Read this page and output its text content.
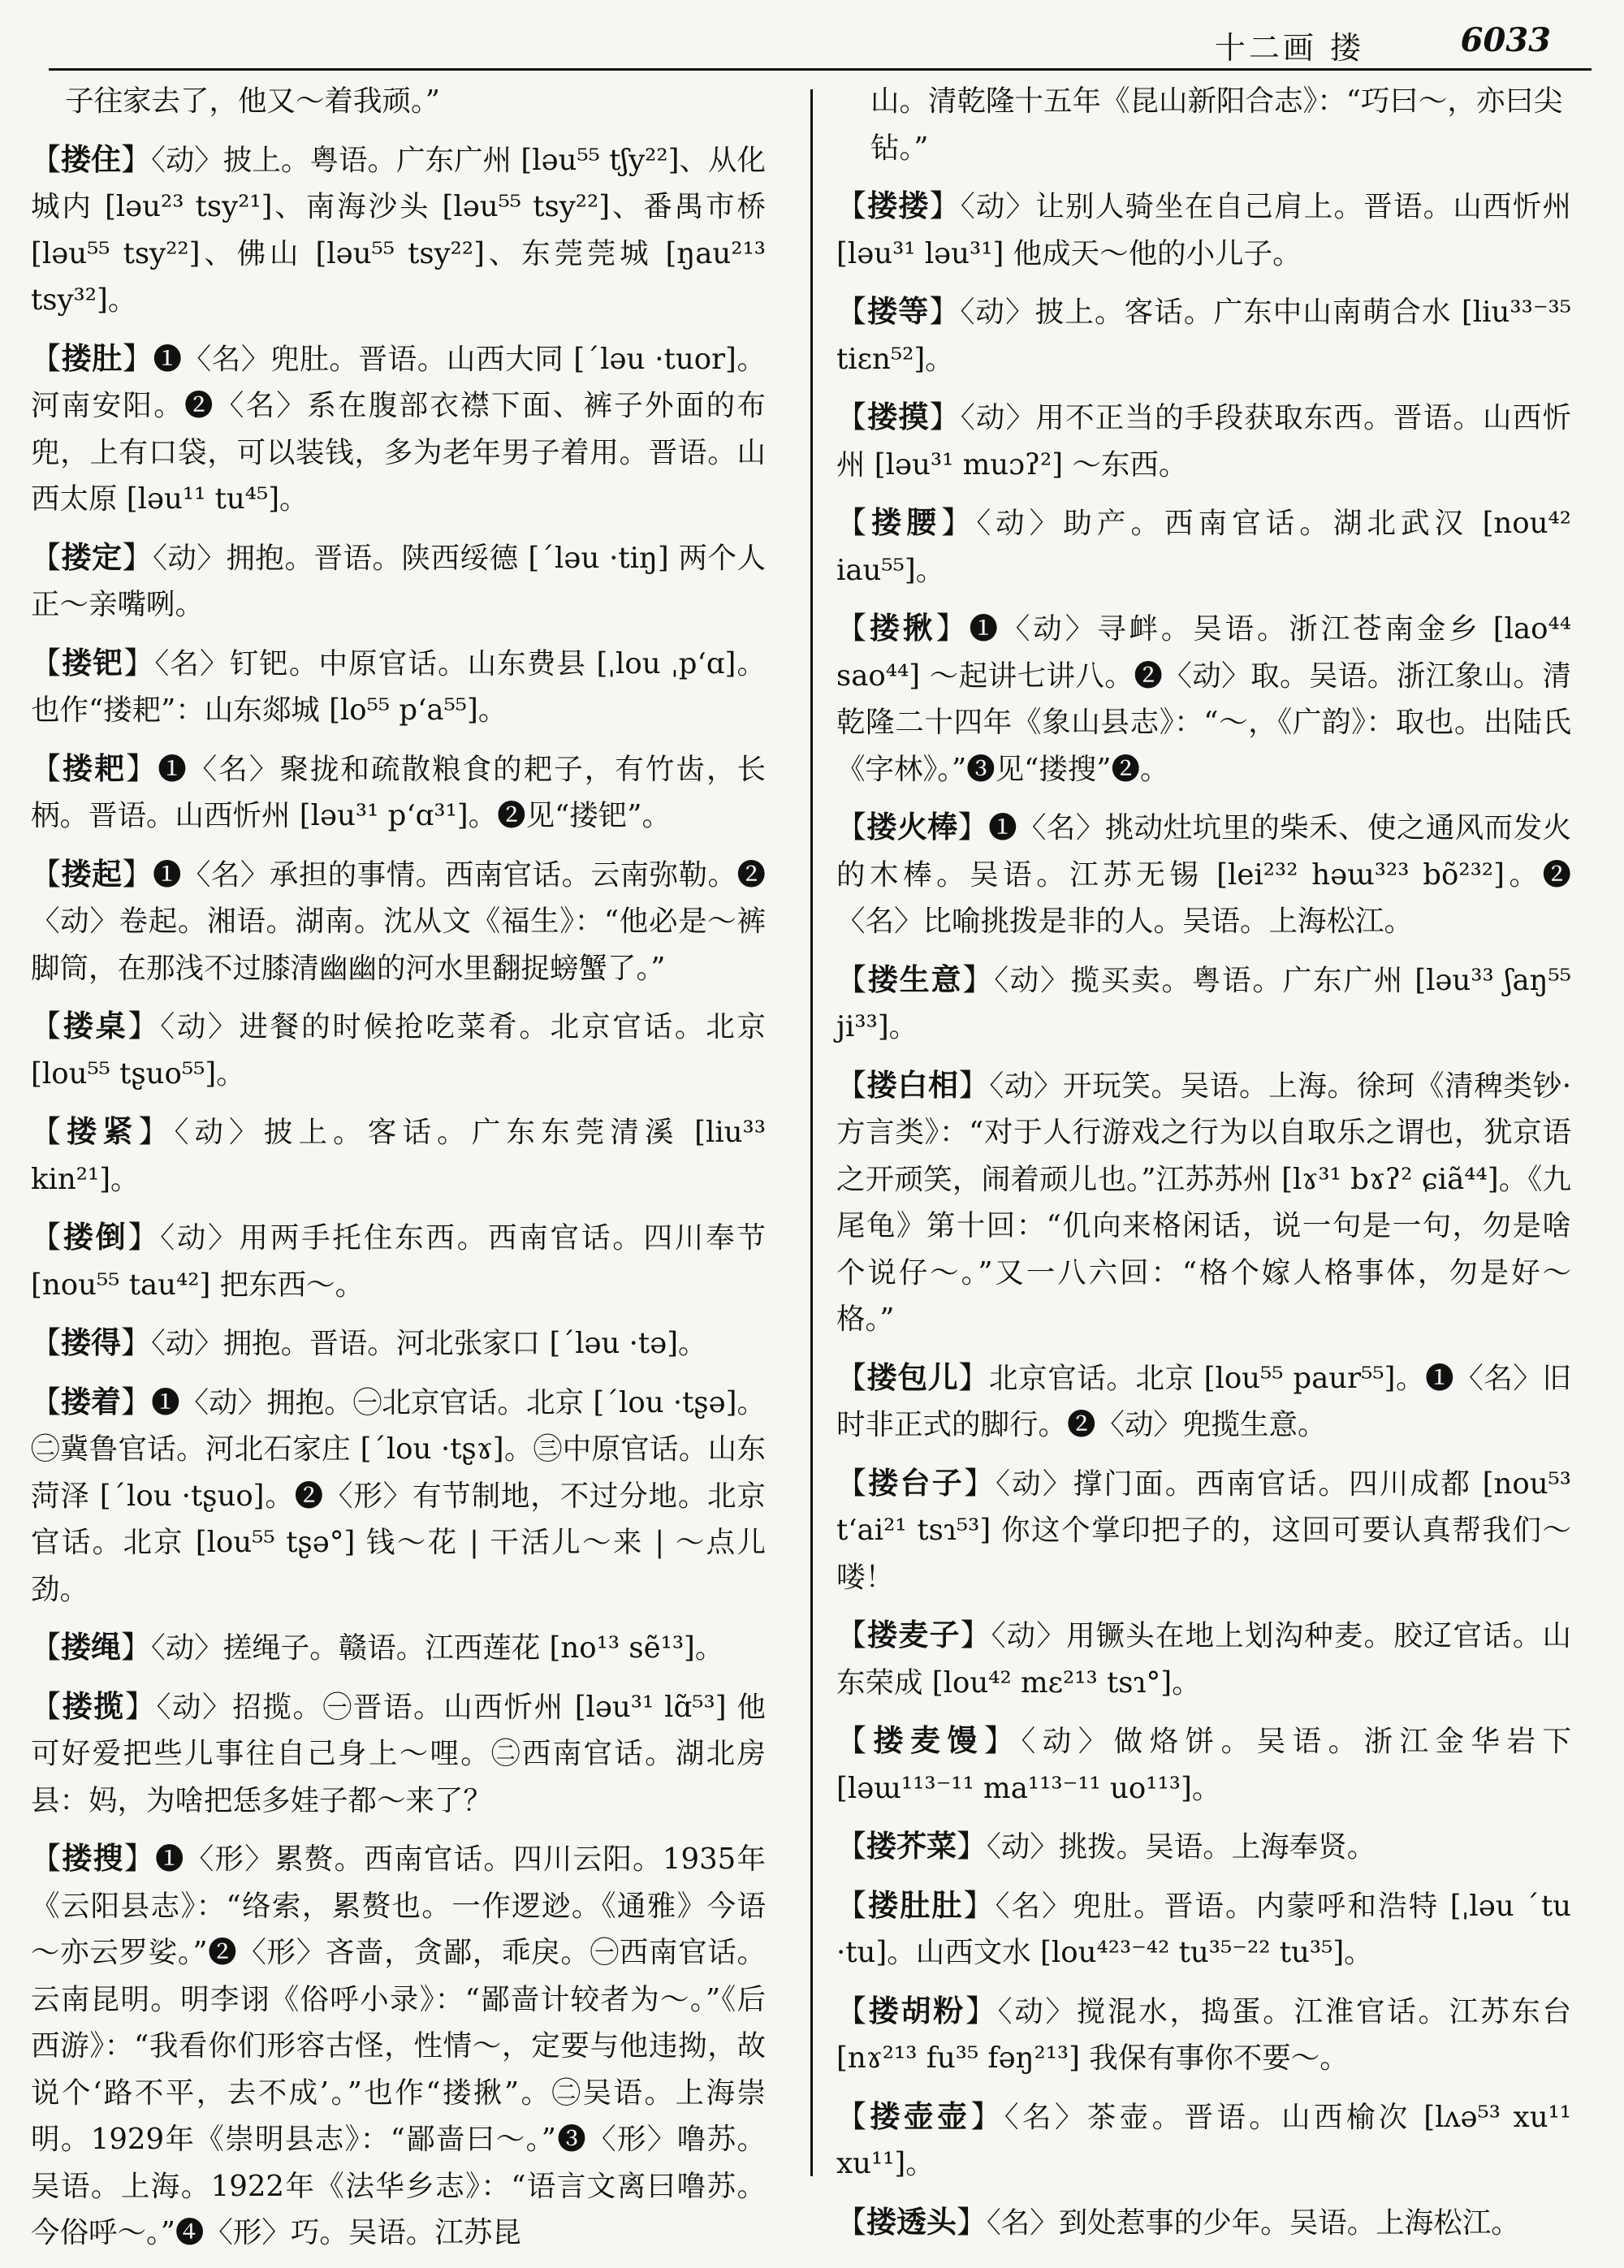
十二画 搂	6033

子往家去了，他又～着我顽。”

【 搂住 】 〈动〉披上。粤语。广东广州 [ləu⁵⁵ tʃy²²]、从化城内 [ləu²³ tsy²¹]、南海沙头 [ləu⁵⁵ tsy²²]、番禺市桥 [ləu⁵⁵ tsy²²]、佛山 [ləu⁵⁵ tsy²²]、东莞莞城 [ŋau²¹³ tsy³²]。

【 搂肚 】 ❶〈名〉兜肚。晋语。山西大同 [ˊləu ·tuor]。河南安阳。❷〈名〉系在腹部衣襟下面、裤子外面的布兜，上有口袋，可以装钱，多为老年男子着用。晋语。山西太原 [ləu¹¹ tu⁴⁵]。

【 搂定 】 〈动〉拥抱。晋语。陕西绥德 [ˊləu ·tiŋ] 两个人正～亲嘴咧。

【 搂钯 】 〈名〉钉钯。中原官话。山东费县 [ˌlou ˌpʻɑ]。也作“搂耙”：山东郯城 [lo⁵⁵ pʻa⁵⁵]。

【 搂耙 】 ❶〈名〉聚拢和疏散粮食的耙子，有竹齿，长柄。晋语。山西忻州 [ləu³¹ pʻɑ³¹]。❷见“搂钯”。

【 搂起 】 ❶〈名〉承担的事情。西南官话。云南弥勒。❷〈动〉卷起。湘语。湖南。沈从文《福生》：“他必是～裤脚筒，在那浅不过膝清幽幽的河水里翻捉螃蟹了。”

【 搂桌 】 〈动〉进餐的时候抢吃菜肴。北京官话。北京 [lou⁵⁵ tʂuo⁵⁵]。

【 搂紧 】 〈动〉披上。客话。广东东莞清溪 [liu³³ kin²¹]。

【 搂倒 】 〈动〉用两手托住东西。西南官话。四川奉节 [nou⁵⁵ tau⁴²] 把东西～。

【 搂得 】 〈动〉拥抱。晋语。河北张家口 [ˊləu ·tə]。

【 搂着 】 ❶〈动〉拥抱。㊀北京官话。北京 [ˊlou ·tʂə]。㊁冀鲁官话。河北石家庄 [ˊlou ·tʂɤ]。㊂中原官话。山东菏泽 [ˊlou ·tʂuo]。❷〈形〉有节制地，不过分地。北京官话。北京 [lou⁵⁵ tʂə°] 钱～花 | 干活儿～来 | ～点儿劲。

【 搂绳 】 〈动〉搓绳子。赣语。江西莲花 [no¹³ sẽ¹³]。

【 搂揽 】 〈动〉招揽。㊀晋语。山西忻州 [ləu³¹ lɑ̃⁵³] 他可好爱把些儿事往自己身上～哩。㊁西南官话。湖北房县：妈，为啥把恁多娃子都～来了？

【 搂搜 】 ❶〈形〉累赘。西南官话。四川云阳。1935年《云阳县志》：“络索，累赘也。一作逻逤。《通雅》今语～亦云罗娑。”❷〈形〉吝啬，贪鄙，乖戾。㊀西南官话。云南昆明。明李诩《俗呼小录》：“鄙啬计较者为～。”《后西游》：“我看你们形容古怪，性情～，定要与他违拗，故说个‘路不平，去不成’。”也作“搂揪”。㊁吴语。上海崇明。1929年《崇明县志》：“鄙啬曰～。”❸〈形〉噜苏。吴语。上海。1922年《法华乡志》：“语言文离曰噜苏。今俗呼～。”❹〈形〉巧。吴语。江苏昆

山。清乾隆十五年《昆山新阳合志》：“巧曰～，亦曰尖钻。”

【 搂搂 】 〈动〉让别人骑坐在自己肩上。晋语。山西忻州 [ləu³¹ ləu³¹] 他成天～他的小儿子。

【 搂等 】 〈动〉披上。客话。广东中山南萌合水 [liu³³⁻³⁵ tiɛn⁵²]。

【 搂摸 】 〈动〉用不正当的手段获取东西。晋语。山西忻州 [ləu³¹ muɔʔ²] ～东西。

【 搂腰 】 〈动〉助产。西南官话。湖北武汉 [nou⁴² iau⁵⁵]。

【 搂揪 】 ❶〈动〉寻衅。吴语。浙江苍南金乡 [lao⁴⁴ sao⁴⁴] ～起讲七讲八。❷〈动〉取。吴语。浙江象山。清乾隆二十四年《象山县志》：“～，《广韵》：取也。出陆氏《字林》。”❸见“搂搜”❷。

【 搂火棒 】 ❶〈名〉挑动灶坑里的柴禾、使之通风而发火的木棒。吴语。江苏无锡 [lei²³² həɯ³²³ bõ²³²]。❷〈名〉比喻挑拨是非的人。吴语。上海松江。

【 搂生意 】 〈动〉揽买卖。粤语。广东广州 [ləu³³ ʃaŋ⁵⁵ ji³³]。

【 搂白相 】 〈动〉开玩笑。吴语。上海。徐珂《清稗类钞·方言类》：“对于人行游戏之行为以自取乐之谓也，犹京语之开顽笑，闹着顽儿也。”江苏苏州 [lɤ³¹ bɤʔ² ɕiã⁴⁴]。《九尾龟》第十回：“仉向来格闲话，说一句是一句，勿是啥个说仔～。”又一八六回：“格个嫁人格事体，勿是好～格。”

【 搂包儿 】 北京官话。北京 [lou⁵⁵ paur⁵⁵]。❶〈名〉旧时非正式的脚行。❷〈动〉兜揽生意。

【 搂台子 】 〈动〉撑门面。西南官话。四川成都 [nou⁵³ tʻai²¹ tsɿ⁵³] 你这个掌印把子的，这回可要认真帮我们～喽！

【 搂麦子 】 〈动〉用镢头在地上划沟种麦。胶辽官话。山东荣成 [lou⁴² mɛ²¹³ tsɿ°]。

【 搂麦馒 】 〈动〉做烙饼。吴语。浙江金华岩下 [ləɯ¹¹³⁻¹¹ ma¹¹³⁻¹¹ uo¹¹³]。

【 搂芥菜 】 〈动〉挑拨。吴语。上海奉贤。

【 搂肚肚 】 〈名〉兜肚。晋语。内蒙呼和浩特 [ˌləu ˊtu ·tu]。山西文水 [lou⁴²³⁻⁴² tu³⁵⁻²² tu³⁵]。

【 搂胡粉 】 〈动〉搅混水，捣蛋。江淮官话。江苏东台 [nɤ²¹³ fu³⁵ fəŋ²¹³] 我保有事你不要～。

【 搂壶壶 】 〈名〉茶壶。晋语。山西榆次 [lʌə⁵³ xu¹¹ xu¹¹]。

【 搂透头 】 〈名〉到处惹事的少年。吴语。上海松江。
